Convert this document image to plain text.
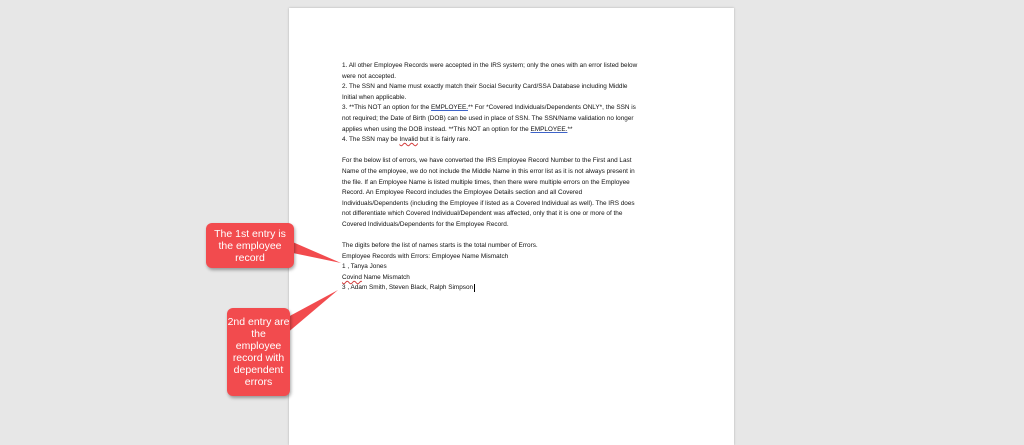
1. All other Employee Records were accepted in the IRS system; only the ones with an error listed below

were not accepted.

2. The SSN and Name must exactly match their Social Security Card/SSA Database including Middle

Initial when applicable.

3. **This NOT an option for the EMPLOYEE.** For *Covered Individuals/Dependents ONLY*, the SSN is

not required; the Date of Birth (DOB) can be used in place of SSN. The SSN/Name validation no longer

applies when using the DOB instead. **This NOT an option for the EMPLOYEE.**

4. The SSN may be Invalid but it is fairly rare.

For the below list of errors, we have converted the IRS Employee Record Number to the First and Last

Name of the employee, we do not include the Middle Name in this error list as it is not always present in

the file. If an Employee Name is listed multiple times, then there were multiple errors on the Employee

Record. An Employee Record includes the Employee Details section and all Covered

Individuals/Dependents (including the Employee if listed as a Covered Individual as well). The IRS does

not differentiate which Covered Individual/Dependent was affected, only that it is one or more of the

Covered Individuals/Dependents for the Employee Record.

The digits before the list of names starts is the total number of Errors.

Employee Records with Errors: Employee Name Mismatch

1 , Tanya Jones

Covind Name Mismatch

3 , Adam Smith, Steven Black, Ralph Simpson

The 1st entry is
the employee
record
2nd entry are
the
employee
record with
dependent
errors
